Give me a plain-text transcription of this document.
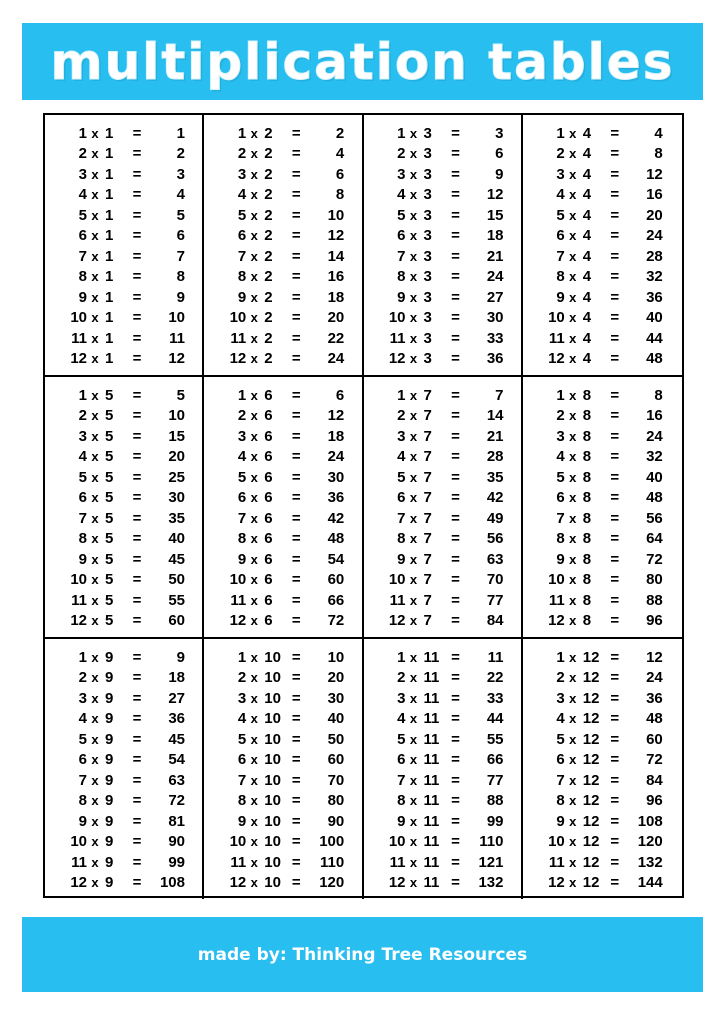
multiplication tables
1 x 1	=	1
2 x 1	=	2
3 x 1	=	3
4 x 1	=	4
5 x 1	=	5
6 x 1	=	6
7 x 1	=	7
8 x 1	=	8
9 x 1	=	9
10 x 1	=	10
11 x 1	=	11
12 x 1	=	12
1 x 2	=	2
2 x 2	=	4
3 x 2	=	6
4 x 2	=	8
5 x 2	=	10
6 x 2	=	12
7 x 2	=	14
8 x 2	=	16
9 x 2	=	18
10 x 2	=	20
11 x 2	=	22
12 x 2	=	24
1 x 3	=	3
2 x 3	=	6
3 x 3	=	9
4 x 3	=	12
5 x 3	=	15
6 x 3	=	18
7 x 3	=	21
8 x 3	=	24
9 x 3	=	27
10 x 3	=	30
11 x 3	=	33
12 x 3	=	36
1 x 4	=	4
2 x 4	=	8
3 x 4	=	12
4 x 4	=	16
5 x 4	=	20
6 x 4	=	24
7 x 4	=	28
8 x 4	=	32
9 x 4	=	36
10 x 4	=	40
11 x 4	=	44
12 x 4	=	48
1 x 5	=	5
2 x 5	=	10
3 x 5	=	15
4 x 5	=	20
5 x 5	=	25
6 x 5	=	30
7 x 5	=	35
8 x 5	=	40
9 x 5	=	45
10 x 5	=	50
11 x 5	=	55
12 x 5	=	60
1 x 6	=	6
2 x 6	=	12
3 x 6	=	18
4 x 6	=	24
5 x 6	=	30
6 x 6	=	36
7 x 6	=	42
8 x 6	=	48
9 x 6	=	54
10 x 6	=	60
11 x 6	=	66
12 x 6	=	72
1 x 7	=	7
2 x 7	=	14
3 x 7	=	21
4 x 7	=	28
5 x 7	=	35
6 x 7	=	42
7 x 7	=	49
8 x 7	=	56
9 x 7	=	63
10 x 7	=	70
11 x 7	=	77
12 x 7	=	84
1 x 8	=	8
2 x 8	=	16
3 x 8	=	24
4 x 8	=	32
5 x 8	=	40
6 x 8	=	48
7 x 8	=	56
8 x 8	=	64
9 x 8	=	72
10 x 8	=	80
11 x 8	=	88
12 x 8	=	96
1 x 9	=	9
2 x 9	=	18
3 x 9	=	27
4 x 9	=	36
5 x 9	=	45
6 x 9	=	54
7 x 9	=	63
8 x 9	=	72
9 x 9	=	81
10 x 9	=	90
11 x 9	=	99
12 x 9	=	108
1 x 10 =	10
2 x 10 =	20
3 x 10 =	30
4 x 10 =	40
5 x 10 =	50
6 x 10 =	60
7 x 10 =	70
8 x 10 =	80
9 x 10 =	90
10 x 10 =	100
11 x 10 =	110
12 x 10 =	120
1 x 11 =	11
2 x 11 =	22
3 x 11 =	33
4 x 11 =	44
5 x 11 =	55
6 x 11 =	66
7 x 11 =	77
8 x 11 =	88
9 x 11 =	99
10 x 11 =	110
11 x 11 =	121
12 x 11 =	132
1 x 12 =	12
2 x 12 =	24
3 x 12 =	36
4 x 12 =	48
5 x 12 =	60
6 x 12 =	72
7 x 12 =	84
8 x 12 =	96
9 x 12 =	108
10 x 12 =	120
11 x 12 =	132
12 x 12 =	144
made by: Thinking Tree Resources
